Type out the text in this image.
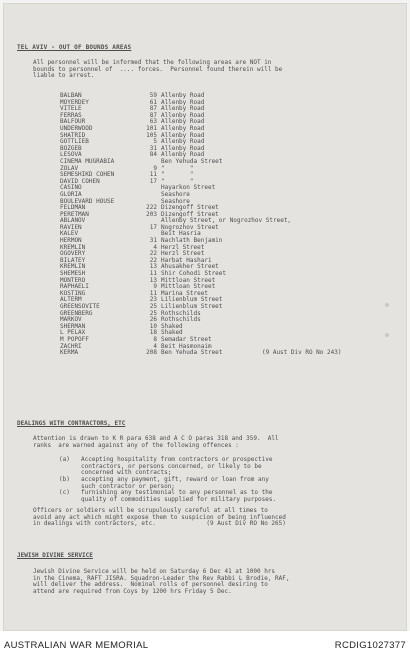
TEL AVIV - OUT OF BOUNDS AREAS
All personnel will be informed that the following areas are NOT in
bounds to personnel of  .... forces.  Personnel found therein will be
liable to arrest.
BALBAN	59 Allenby Road
MOYERDEY	61 Allenby Road
VITELE	87 Allenby Road
FERRAS	87 Allenby Road
BALFOUR	63 Allenby Road
UNDERWOOD	101 Allenby Road
SHATRID	105 Allenby Road
GOTTLIEB	5 Allenby Road
BOZGEB	31 Allenby Road
LESOVA	84 Allenby Road
CINEMA MUGRABIA	Ben Yehuda Street
ZOLAV	9 "       "
SEMESHIKD COHEN	11 "       "
DAVID COHEN	17 "       "
CASINO	Hayarkon Street
GLORIA	Seashore
BOULEVARD HOUSE	Seashore
FELDMAN	222 Dizengoff Street
PERETMAN	203 Dizengoff Street
ABLANOV	Allenby Street, or Nogrozhov Street,
RAVIEN	17 Nogrozhov Street
KALEV	Beit Hasria
HERMON	31 Nachlath Benjamin
KREMLIN	4 Herzl Street
OGOVERY	22 Herzl Street
BILATEY	22 Harbat Hashari
KREMLIN	13 Ahusakher Street
SHEMESH	11 Shir Cohodi Street
MONTERO	13 Mittloan Street
RAPHAELI	9 Mittloan Street
KOSTING	11 Marina Street
ALTERM	23 Lilienblum Street
GREENSOVITE	25 Lilienblum Street
GREENBERG	25 Rothschilds
MARKOV	26 Rothschilds
SHERMAN	10 Shaked
L PELAX	18 Shaked
M POPOFF	8 Semadar Street
ZACHRI	4 Beit Hasmonaim
KERMA	208 Ben Yehuda Street	(9 Aust Div RO No 243)
DEALINGS WITH CONTRACTORS, ETC
Attention is drawn to K R para 638 and A C O paras 318 and 359.  All
ranks  are warned against any of the following offences :
(a) Accepting hospitality from contractors or prospective
contractors, or persons concerned, or likely to be
concerned with contracts;
(b) accepting any payment, gift, reward or loan from any
such contractor or person;
(c) furnishing any testimonial to any personnel as to the
quality of commodities supplied for military purposes.
Officers or soldiers will be scrupulously careful at all times to
avoid any act which might expose them to suspicion of being influenced
in dealings with contractors, etc.              (9 Aust Div RO No 265)
JEWISH DIVINE SERVICE
Jewish Divine Service will be held on Saturday 6 Dec 41 at 1000 hrs
in the Cinema, RAFT JISRA. Squadron-Leader the Rev Rabbi L Brodie, RAF,
will deliver the address.  Nominal rolls of personnel desiring to
attend are required from Coys by 1200 hrs Friday 5 Dec.
AUSTRALIAN WAR MEMORIAL	RCDIG1027377
